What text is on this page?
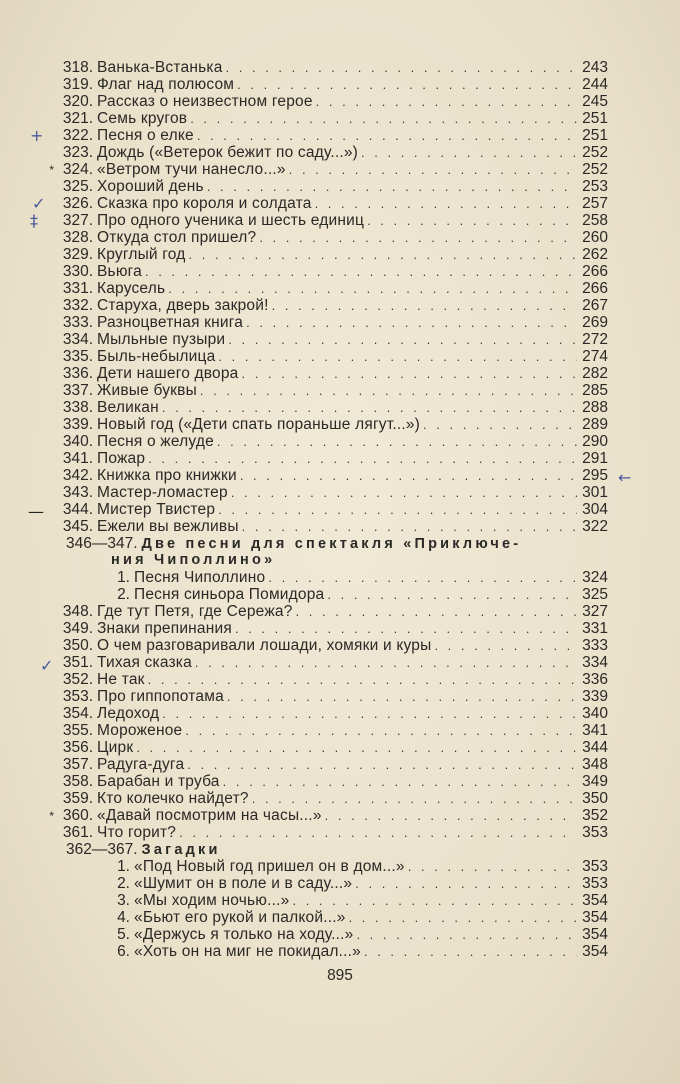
318. Ванька-Встанька . . .	243
319. Флаг над полюсом . . .	244
320. Рассказ о неизвестном герое . . .	245
321. Семь кругов . . .	251
322. Песня о елке . . .	251
323. Дождь («Ветерок бежит по саду...») . . .	252
* 324. «Ветром тучи нанесло...» . . .	252
325. Хороший день . . .	253
326. Сказка про короля и солдата . . .	257
327. Про одного ученика и шесть единиц . . .	258
328. Откуда стол пришел? . . .	260
329. Круглый год . . .	262
330. Вьюга . . .	266
331. Карусель . . .	266
332. Старуха, дверь закрой! . . .	267
333. Разноцветная книга . . .	269
334. Мыльные пузыри . . .	272
335. Быль-небылица . . .	274
336. Дети нашего двора . . .	282
337. Живые буквы . . .	285
338. Великан . . .	288
339. Новый год («Дети спать пораньше лягут...») . . .	289
340. Песня о желуде . . .	290
341. Пожар . . .	291
342. Книжка про книжки . . .	295
343. Мастер-ломастер . . .	301
344. Мистер Твистер . . .	304
345. Ежели вы вежливы . . .	322
346—347. Две песни для спектакля «Приключе-
ния Чиполлино»
1. Песня Чиполлино . . .	324
2. Песня синьора Помидора . . .	325
348. Где тут Петя, где Сережа? . . .	327
349. Знаки препинания . . .	331
350. О чем разговаривали лошади, хомяки и куры . . .	333
351. Тихая сказка . . .	334
352. Не так . . .	336
353. Про гиппопотама . . .	339
354. Ледоход . . .	340
355. Мороженое . . .	341
356. Цирк . . .	344
357. Радуга-дуга . . .	348
358. Барабан и труба . . .	349
359. Кто колечко найдет? . . .	350
* 360. «Давай посмотрим на часы...» . . .	352
361. Что горит? . . .	353
362—367. Загадки
1. «Под Новый год пришел он в дом...» . . .	353
2. «Шумит он в поле и в саду...» . . .	353
3. «Мы ходим ночью...» . . .	354
4. «Бьют его рукой и палкой...» . . .	354
5. «Держусь я только на ходу...» . . .	354
6. «Хоть он на миг не покидал...» . . .	354
895
+
✓
‡
✓
—
←
